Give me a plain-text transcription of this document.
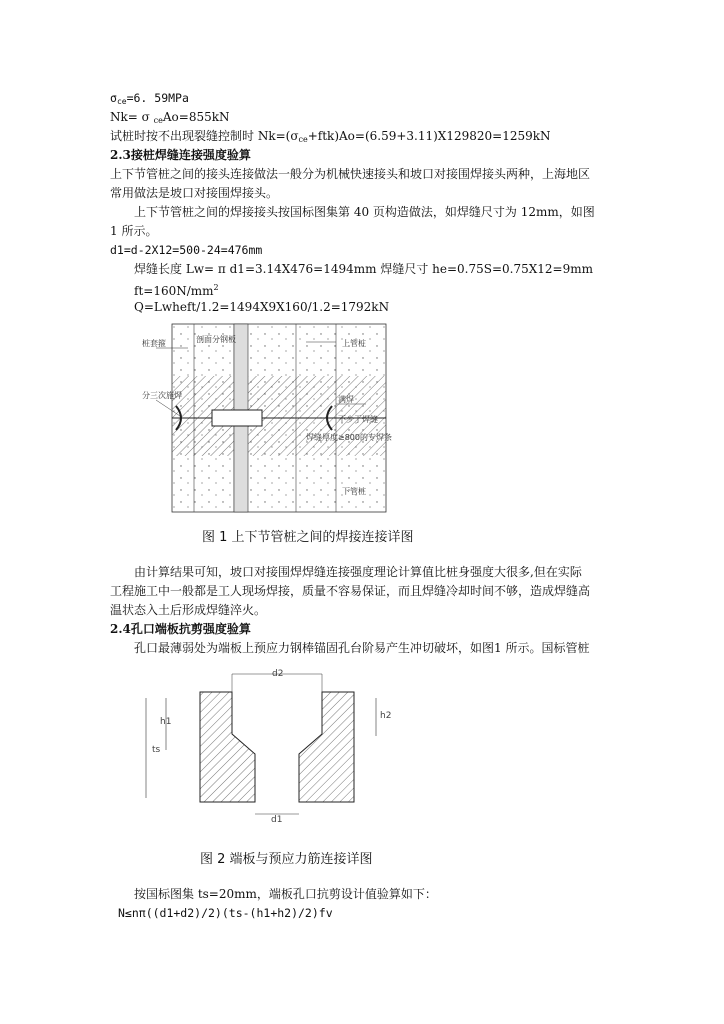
$\sigma_{ce}=6$. 59MPa
Nk= σ $_{ce}$Ao=855kN
试桩时按不出现裂缝控制时 $Nk=(\sigma_{ce}+ftk)Ao=(6.59+3.11)X129820=1259kN$
2.3接桩焊缝连接强度验算
上下节管桩之间的接头连接做法一般分为机械快速接头和坡口对接围焊接头两种，上海地区
常用做法是坡口对接围焊接头。
上下节管桩之间的焊接接头按国标图集第 40 页构造做法，如焊缝尺寸为 12mm，如图
1 所示。
d1=d-2X12=500-24=476mm
焊缝长度 Lw= π d1=3.14X476=1494mm 焊缝尺寸 he=0.75S=0.75X12=9mm
$ft=160N/mm^2$
Q=Lwheft/1.2=1494X9X160/1.2=1792kN
桩套箍	剖面分钢板	上管桩
分三次施焊	满焊
不少于焊缝
焊缝厚度≥800的专焊条
下管桩
图 1 上下节管桩之间的焊接连接详图
由计算结果可知，坡口对接围焊焊缝连接强度理论计算值比桩身强度大很多,但在实际
工程施工中一般都是工人现场焊接，质量不容易保证，而且焊缝冷却时间不够，造成焊缝高
温状态入土后形成焊缝淬火。
2.4孔口端板抗剪强度验算
孔口最薄弱处为端板上预应力钢棒锚固孔台阶易产生冲切破坏，如图1 所示。国标管桩
d2
d1
h1
ts
h2
图 2 端板与预应力筋连接详图
按国标图集 ts=20mm，端板孔口抗剪设计值验算如下：
N≤nπ((d1+d2)/2)(ts-(h1+h2)/2)fv
